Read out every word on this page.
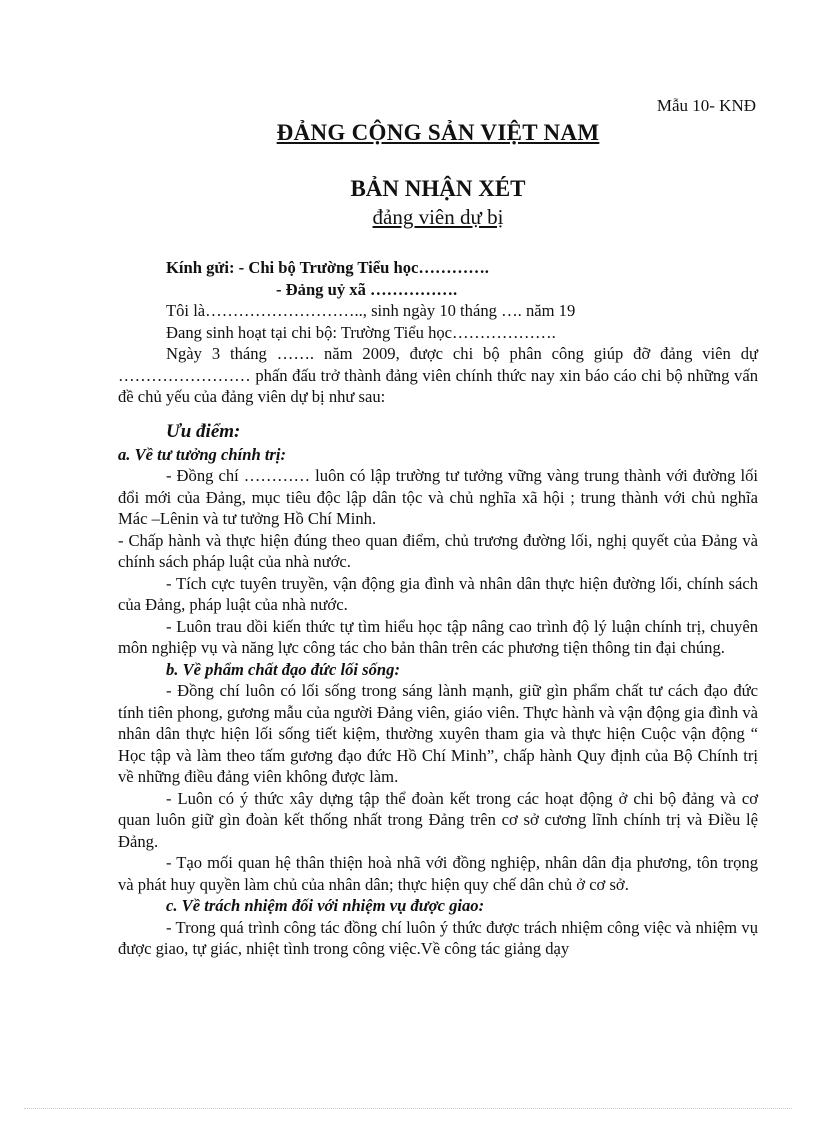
Mẫu 10- KNĐ
ĐẢNG CỘNG SẢN VIỆT NAM
BẢN NHẬN XÉT
đảng viên dự bị

Kính gửi: - Chi bộ Trường Tiểu học………….

- Đảng uỷ xã …………….

Tôi là……………………….., sinh ngày 10 tháng …. năm 19

Đang sinh hoạt tại chi bộ: Trường Tiểu học……………….

Ngày 3 tháng ……. năm 2009, được chi bộ phân công giúp đỡ đảng viên dự …………………… phấn đấu trở thành đảng viên chính thức nay xin báo cáo chi bộ những vấn đề chủ yếu của đảng viên dự bị như sau:

Ưu điểm:

a. Về tư tưởng chính trị:

- Đồng chí ………… luôn có lập trường tư tưởng vững vàng trung thành với đường lối đổi mới của Đảng, mục tiêu độc lập dân tộc và chủ nghĩa xã hội ; trung thành với chủ nghĩa Mác –Lênin và tư tưởng Hồ Chí Minh.

- Chấp hành và thực hiện đúng theo quan điểm, chủ trương đường lối, nghị quyết của Đảng và chính sách pháp luật của nhà nước.

- Tích cực tuyên truyền, vận động gia đình và nhân dân thực hiện đường lối, chính sách của Đảng, pháp luật của nhà nước.

- Luôn trau dồi kiến thức tự tìm hiểu học tập nâng cao trình độ lý luận chính trị, chuyên môn nghiệp vụ và năng lực công tác cho bản thân trên các phương tiện thông tin đại chúng.

b. Về phẩm chất đạo đức lối sống:

- Đồng chí luôn có lối sống trong sáng lành mạnh, giữ gìn phẩm chất tư cách đạo đức tính tiên phong, gương mẫu của người Đảng viên, giáo viên. Thực hành và vận động gia đình và nhân dân thực hiện lối sống tiết kiệm, thường xuyên tham gia và thực hiện Cuộc vận động “ Học tập và làm theo tấm gương đạo đức Hồ Chí Minh”, chấp hành Quy định của Bộ Chính trị về những điều đảng viên không được làm.

- Luôn có ý thức xây dựng tập thể đoàn kết trong các hoạt động ở chi bộ đảng và cơ quan luôn giữ gìn đoàn kết thống nhất trong Đảng trên cơ sở cương lĩnh chính trị và Điều lệ Đảng.

- Tạo mối quan hệ thân thiện hoà nhã với đồng nghiệp, nhân dân địa phương, tôn trọng và phát huy quyền làm chủ của nhân dân; thực hiện quy chế dân chủ ở cơ sở.

c. Về trách nhiệm đối với nhiệm vụ được giao:

- Trong quá trình công tác đồng chí luôn ý thức được trách nhiệm công việc và nhiệm vụ được giao, tự giác, nhiệt tình trong công việc.Về công tác giảng dạy
